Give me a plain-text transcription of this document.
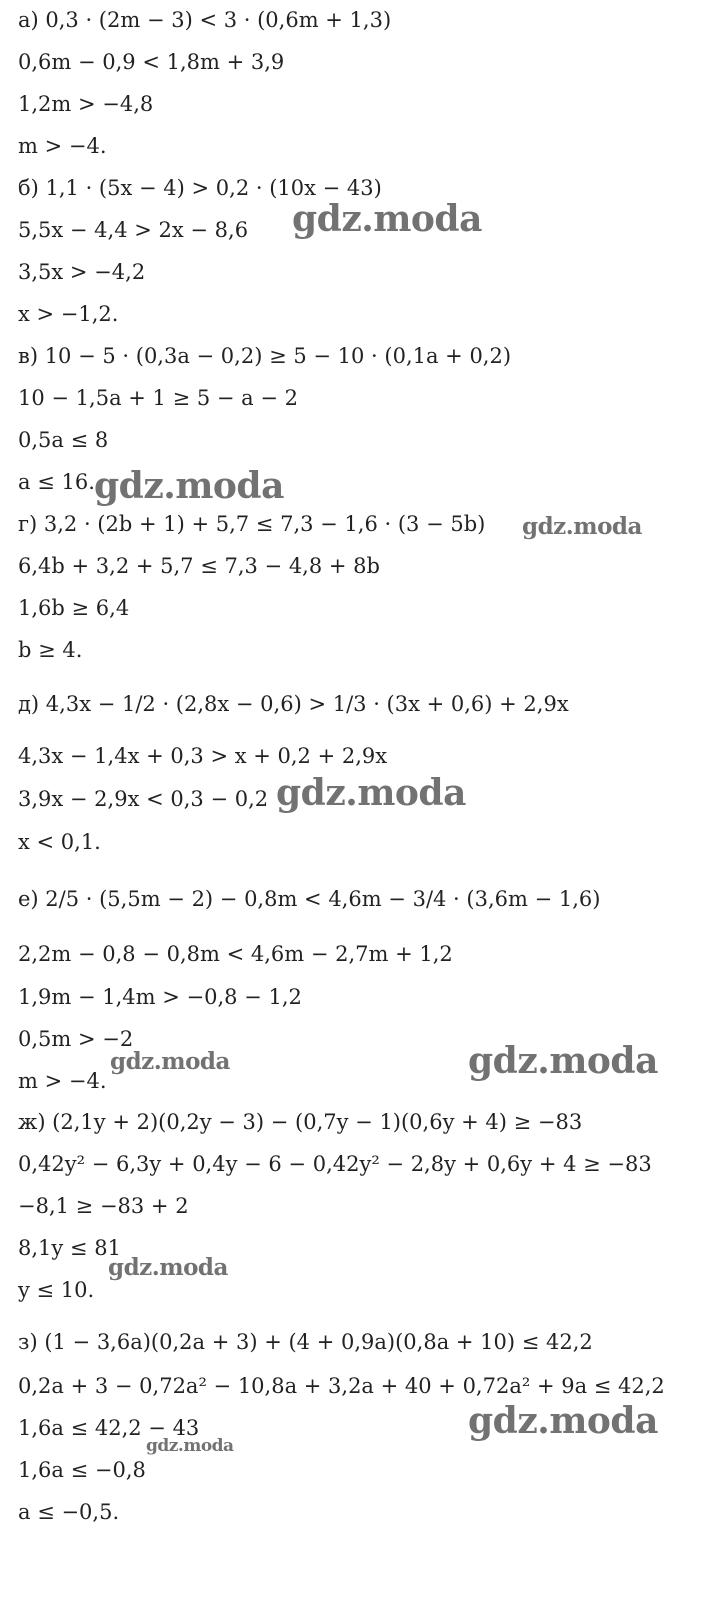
а) 0,3 · (2m − 3) < 3 · (0,6m + 1,3)
0,6m − 0,9 < 1,8m + 3,9
1,2m > −4,8
m > −4.
б) 1,1 · (5x − 4) > 0,2 · (10x − 43)
5,5x − 4,4 > 2x − 8,6
3,5x > −4,2
x > −1,2.
в) 10 − 5 · (0,3a − 0,2) ≥ 5 − 10 · (0,1a + 0,2)
10 − 1,5a + 1 ≥ 5 − a − 2
0,5a ≤ 8
a ≤ 16.
г) 3,2 · (2b + 1) + 5,7 ≤ 7,3 − 1,6 · (3 − 5b)
6,4b + 3,2 + 5,7 ≤ 7,3 − 4,8 + 8b
1,6b ≥ 6,4
b ≥ 4.
д) 4,3x − 1/2 · (2,8x − 0,6) > 1/3 · (3x + 0,6) + 2,9x
4,3x − 1,4x + 0,3 > x + 0,2 + 2,9x
3,9x − 2,9x < 0,3 − 0,2
x < 0,1.
е) 2/5 · (5,5m − 2) − 0,8m < 4,6m − 3/4 · (3,6m − 1,6)
2,2m − 0,8 − 0,8m < 4,6m − 2,7m + 1,2
1,9m − 1,4m > −0,8 − 1,2
0,5m > −2
m > −4.
ж) (2,1y + 2)(0,2y − 3) − (0,7y − 1)(0,6y + 4) ≥ −83
0,42y² − 6,3y + 0,4y − 6 − 0,42y² − 2,8y + 0,6y + 4 ≥ −83
−8,1 ≥ −83 + 2
8,1y ≤ 81
y ≤ 10.
з) (1 − 3,6a)(0,2a + 3) + (4 + 0,9a)(0,8a + 10) ≤ 42,2
0,2a + 3 − 0,72a² − 10,8a + 3,2a + 40 + 0,72a² + 9a ≤ 42,2
1,6a ≤ 42,2 − 43
1,6a ≤ −0,8
a ≤ −0,5.
gdz.moda
gdz.moda
gdz.moda
gdz.moda
gdz.moda	gdz.moda
gdz.moda
gdz.moda
gdz.moda
